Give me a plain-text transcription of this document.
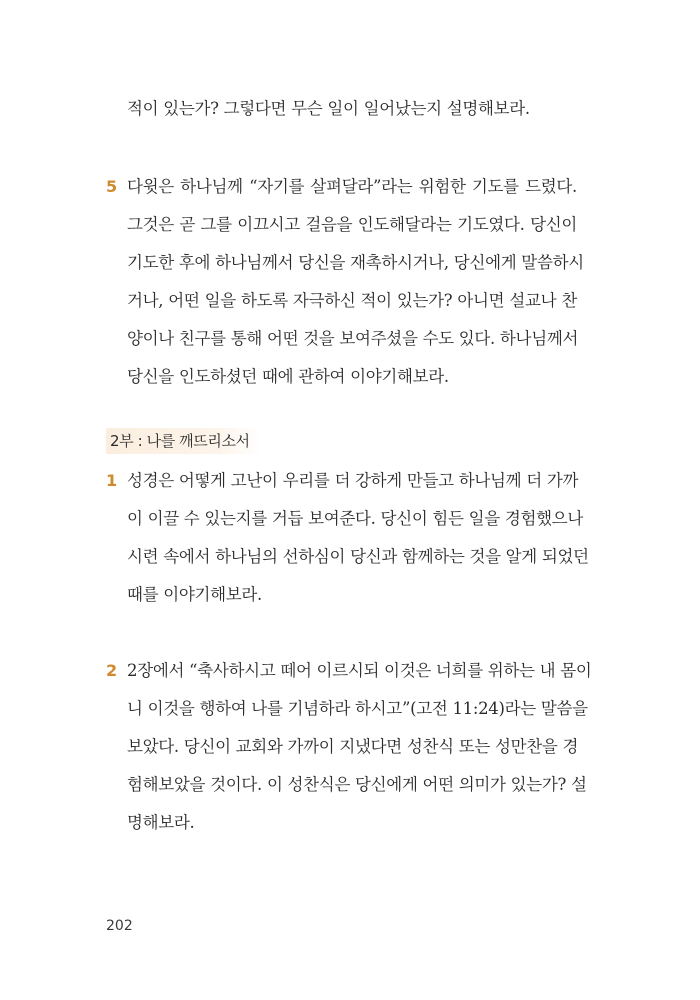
적이 있는가? 그렇다면 무슨 일이 일어났는지 설명해보라.
5 다윗은 하나님께 “자기를 살펴달라”라는 위험한 기도를 드렸다.
그것은 곧 그를 이끄시고 걸음을 인도해달라는 기도였다. 당신이
기도한 후에 하나님께서 당신을 재촉하시거나, 당신에게 말씀하시
거나, 어떤 일을 하도록 자극하신 적이 있는가? 아니면 설교나 찬
양이나 친구를 통해 어떤 것을 보여주셨을 수도 있다. 하나님께서
당신을 인도하셨던 때에 관하여 이야기해보라.
2부 : 나를 깨뜨리소서
1 성경은 어떻게 고난이 우리를 더 강하게 만들고 하나님께 더 가까
이 이끌 수 있는지를 거듭 보여준다. 당신이 힘든 일을 경험했으나
시련 속에서 하나님의 선하심이 당신과 함께하는 것을 알게 되었던
때를 이야기해보라.
2 2장에서 “축사하시고 떼어 이르시되 이것은 너희를 위하는 내 몸이
니 이것을 행하여 나를 기념하라 하시고”(고전 11:24)라는 말씀을
보았다. 당신이 교회와 가까이 지냈다면 성찬식 또는 성만찬을 경
험해보았을 것이다. 이 성찬식은 당신에게 어떤 의미가 있는가? 설
명해보라.
202
